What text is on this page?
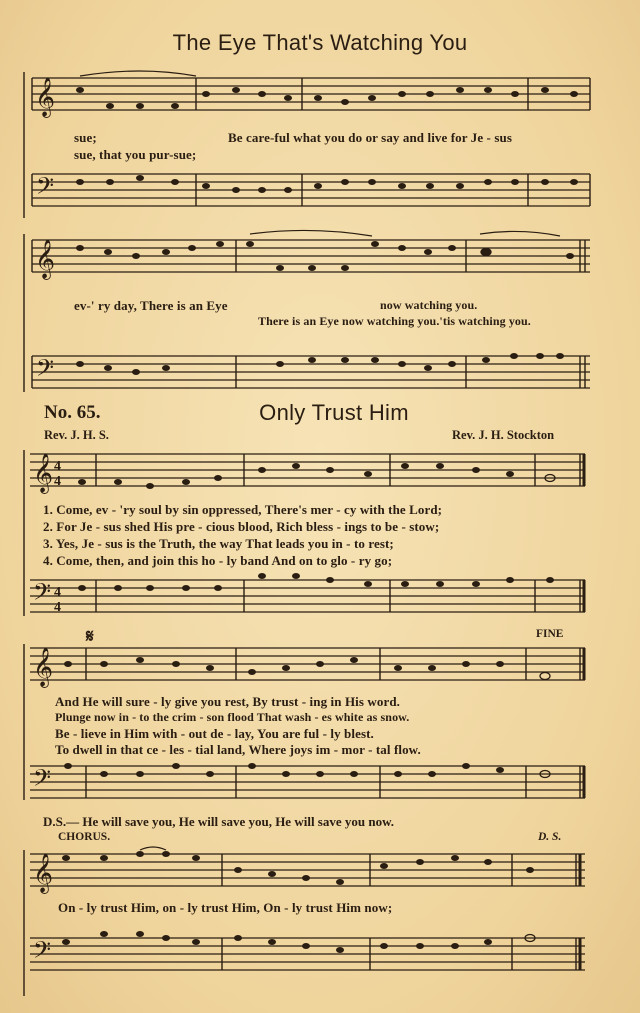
The Eye That's Watching You
𝄞
sue;	Be care-ful what you do or say and live for Je - sus
sue, that you pur-sue;
𝄢
𝄞
ev-' ry day, There is an Eye	now watching you.
There is an Eye now watching you.'tis watching you.
𝄢
No. 65.	Only Trust Him
Rev. J. H. S.	Rev. J. H. Stockton
𝄞 4
4
1. Come, ev - 'ry soul by sin oppressed, There's mer - cy with the Lord;
2. For Je - sus shed His pre - cious blood, Rich bless - ings to be - stow;
3. Yes, Je - sus is the Truth, the way That leads you in - to rest;
4. Come, then, and join this ho - ly band And on to glo - ry go;
𝄢 4
4
FINE
𝄞
𝄋
And He will sure - ly give you rest, By trust - ing in His word.
Plunge now in - to the crim - son flood That wash - es white as snow.
Be - lieve in Him with - out de - lay, You are ful - ly blest.
To dwell in that ce - les - tial land, Where joys im - mor - tal flow.
𝄢
D.S.— He will save you, He will save you, He will save you now.
CHORUS.	D. S.
𝄞
On - ly trust Him, on - ly trust Him, On - ly trust Him now;
𝄢
